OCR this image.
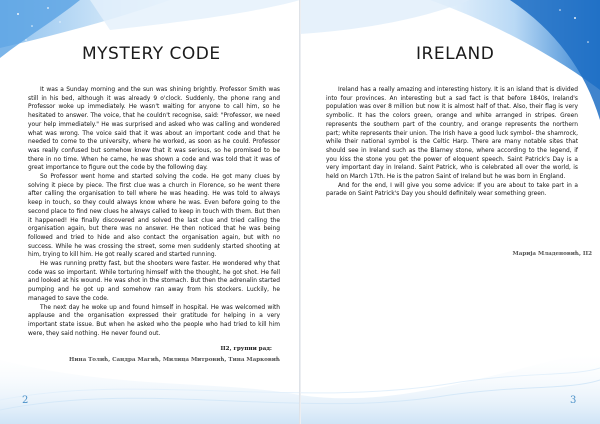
MYSTERY CODE

It was a Sunday morning and the sun was shining brightly. Professor Smith was still in his bed, although it was already 9 o'clock. Suddenly, the phone rang and Professor woke up immediately. He wasn't waiting for anyone to call him, so he hesitated to answer. The voice, that he couldn't recognise, said: "Professor, we need your help immediately." He was surprised and asked who was calling and wondered what was wrong. The voice said that it was about an important code and that he needed to come to the university, where he worked, as soon as he could. Professor was really confused but somehow knew that it was serious, so he promised to be there in no time. When he came, he was shown a code and was told that it was of great importance to figure out the code by the following day.

So Professor went home and started solving the code. He got many clues by solving it piece by piece. The first clue was a church in Florence, so he went there after calling the organisation to tell where he was heading. He was told to always keep in touch, so they could always know where he was. Even before going to the second place to find new clues he always called to keep in touch with them. But then it happened! He finally discovered and solved the last clue and tried calling the organisation again, but there was no answer. He then noticed that he was being followed and tried to hide and also contact the organisation again, but with no success. While he was crossing the street, some men suddenly started shooting at him, trying to kill him. He got really scared and started running.

He was running pretty fast, but the shooters were faster. He wondered why that code was so important. While torturing himself with the thought, he got shot. He fell and looked at his wound. He was shot in the stomach. But then the adrenalin started pumping and he got up and somehow ran away from his stockers. Luckily, he managed to save the code.

The next day he woke up and found himself in hospital. He was welcomed with applause and the organisation expressed their gratitude for helping in a very important state issue. But when he asked who the people who had tried to kill him were, they said nothing. He never found out.

II2, групни рад:

Нина Толић, Сандра Магић, Милица Митровић, Тина Марковић

2
IRELAND

Ireland has a really amazing and interesting history. It is an island that is divided into four provinces. An interesting but a sad fact is that before 1840s, Ireland's population was over 8 million but now it is almost half of that. Also, their flag is very symbolic. It has the colors green, orange and white arranged in stripes. Green represents the southern part of the country, and orange represents the northern part; white represents their union. The Irish have a good luck symbol- the shamrock, while their national symbol is the Celtic Harp. There are many notable sites that should see in Ireland such as the Blarney stone, where according to the legend, if you kiss the stone you get the power of eloquent speech. Saint Patrick's Day is a very important day in Ireland. Saint Patrick, who is celebrated all over the world, is held on March 17th. He is the patron Saint of Ireland but he was born in England.

And for the end, I will give you some advice: If you are about to take part in a parade on Saint Patrick's Day you should definitely wear something green.

Марија Младеновић, II2

3
